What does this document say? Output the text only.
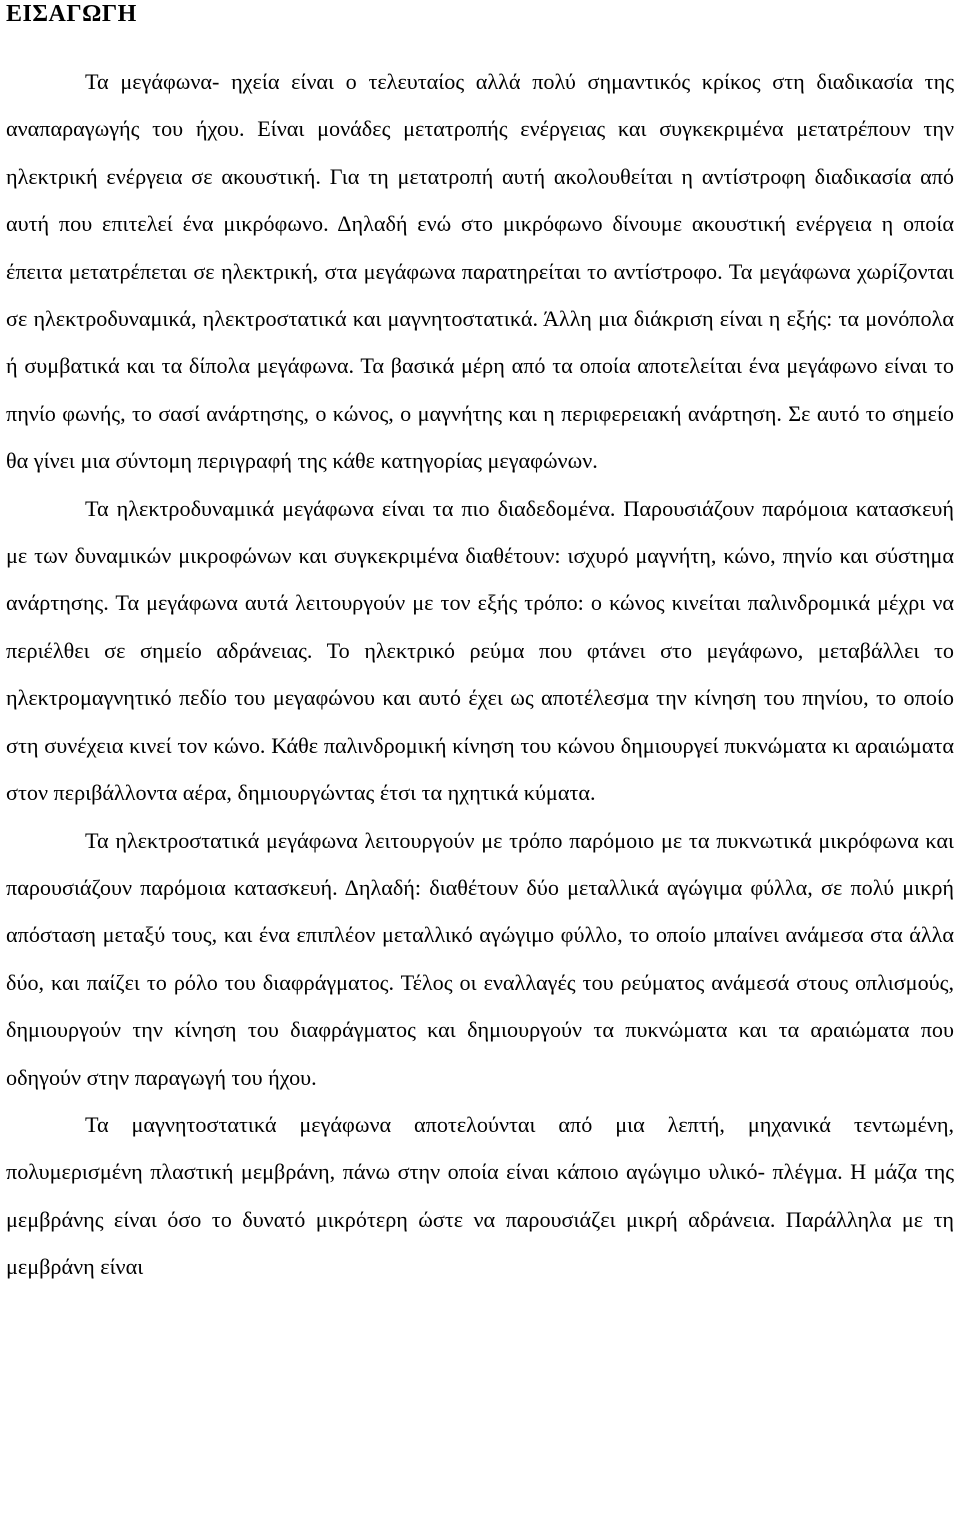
ΕΙΣΑΓΩΓΗ

Τα μεγάφωνα- ηχεία είναι ο τελευταίος αλλά πολύ σημαντικός κρίκος στη διαδικασία της αναπαραγωγής του ήχου. Είναι μονάδες μετατροπής ενέργειας και συγκεκριμένα μετατρέπουν την ηλεκτρική ενέργεια σε ακουστική. Για τη μετατροπή αυτή ακολουθείται η αντίστροφη διαδικασία από αυτή που επιτελεί ένα μικρόφωνο. Δηλαδή ενώ στο μικρόφωνο δίνουμε ακουστική ενέργεια η οποία έπειτα μετατρέπεται σε ηλεκτρική, στα μεγάφωνα παρατηρείται το αντίστροφο. Τα μεγάφωνα χωρίζονται σε ηλεκτροδυναμικά, ηλεκτροστατικά και μαγνητοστατικά. Άλλη μια διάκριση είναι η εξής: τα μονόπολα ή συμβατικά και τα δίπολα μεγάφωνα. Τα βασικά μέρη από τα οποία αποτελείται ένα μεγάφωνο είναι το πηνίο φωνής, το σασί ανάρτησης, ο κώνος, ο μαγνήτης και η περιφερειακή ανάρτηση. Σε αυτό το σημείο θα γίνει μια σύντομη περιγραφή της κάθε κατηγορίας μεγαφώνων.

Τα ηλεκτροδυναμικά μεγάφωνα είναι τα πιο διαδεδομένα. Παρουσιάζουν παρόμοια κατασκευή με των δυναμικών μικροφώνων και συγκεκριμένα διαθέτουν: ισχυρό μαγνήτη, κώνο, πηνίο και σύστημα ανάρτησης. Τα μεγάφωνα αυτά λειτουργούν με τον εξής τρόπο: ο κώνος κινείται παλινδρομικά μέχρι να περιέλθει σε σημείο αδράνειας. Το ηλεκτρικό ρεύμα που φτάνει στο μεγάφωνο, μεταβάλλει το ηλεκτρομαγνητικό πεδίο του μεγαφώνου και αυτό έχει ως αποτέλεσμα την κίνηση του πηνίου, το οποίο στη συνέχεια κινεί τον κώνο. Κάθε παλινδρομική κίνηση του κώνου δημιουργεί πυκνώματα κι αραιώματα στον περιβάλλοντα αέρα, δημιουργώντας έτσι τα ηχητικά κύματα.

Τα ηλεκτροστατικά μεγάφωνα λειτουργούν με τρόπο παρόμοιο με τα πυκνωτικά μικρόφωνα και παρουσιάζουν παρόμοια κατασκευή. Δηλαδή: διαθέτουν δύο μεταλλικά αγώγιμα φύλλα, σε πολύ μικρή απόσταση μεταξύ τους, και ένα επιπλέον μεταλλικό αγώγιμο φύλλο, το οποίο μπαίνει ανάμεσα στα άλλα δύο, και παίζει το ρόλο του διαφράγματος. Τέλος οι εναλλαγές του ρεύματος ανάμεσά στους οπλισμούς, δημιουργούν την κίνηση του διαφράγματος και δημιουργούν τα πυκνώματα και τα αραιώματα που οδηγούν στην παραγωγή του ήχου.

Τα μαγνητοστατικά μεγάφωνα αποτελούνται από μια λεπτή, μηχανικά τεντωμένη, πολυμερισμένη πλαστική μεμβράνη, πάνω στην οποία είναι κάποιο αγώγιμο υλικό- πλέγμα. Η μάζα της μεμβράνης είναι όσο το δυνατό μικρότερη ώστε να παρουσιάζει μικρή αδράνεια. Παράλληλα με τη μεμβράνη είναι
